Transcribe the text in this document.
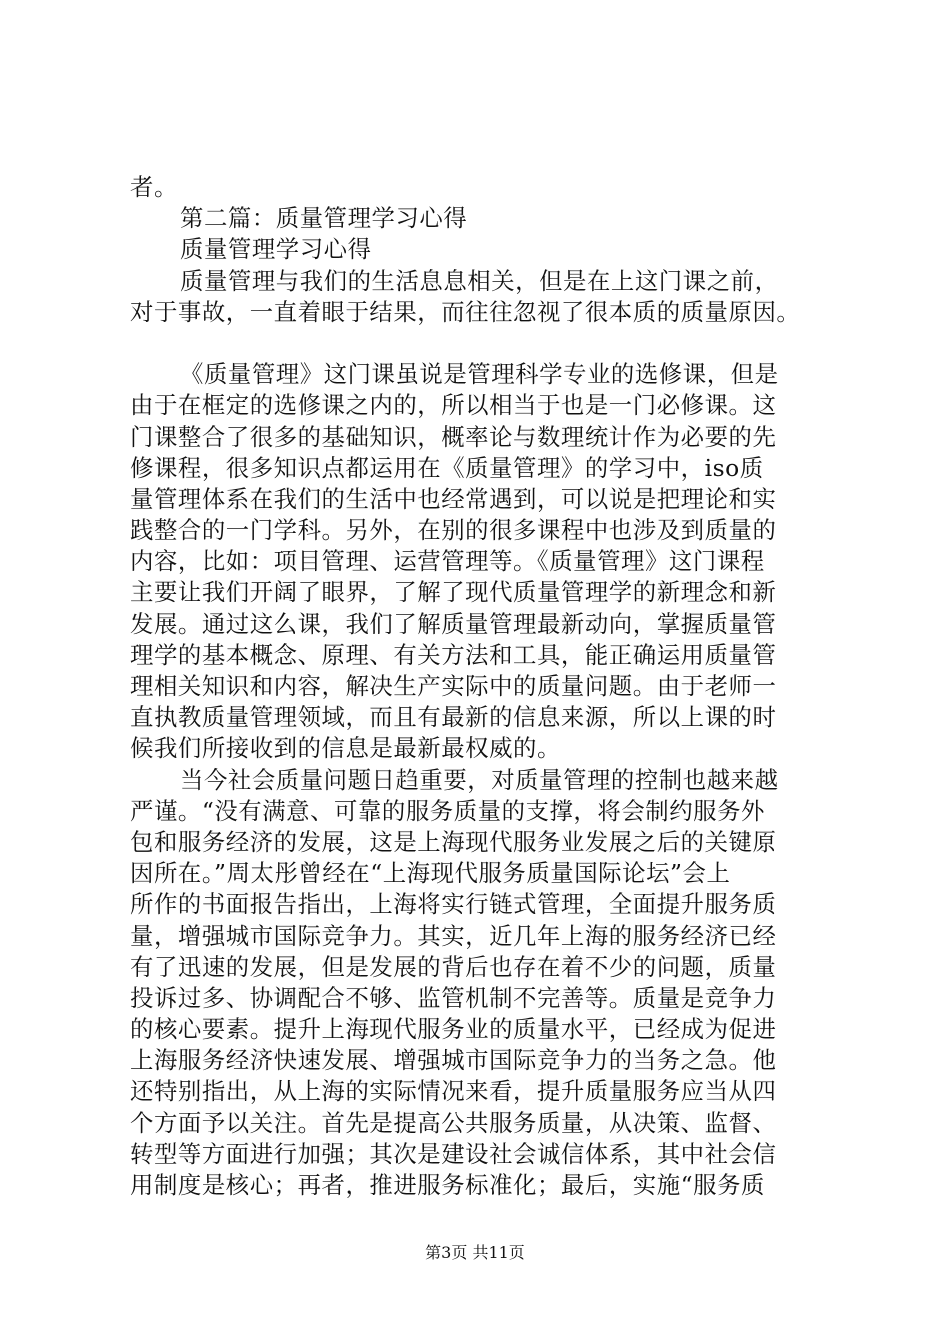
者。
第二篇：质量管理学习心得
质量管理学习心得
质量管理与我们的生活息息相关，但是在上这门课之前，
对于事故，一直着眼于结果，而往往忽视了很本质的质量原因。
《质量管理》这门课虽说是管理科学专业的选修课，但是
由于在框定的选修课之内的，所以相当于也是一门必修课。这
门课整合了很多的基础知识，概率论与数理统计作为必要的先
修课程，很多知识点都运用在《质量管理》的学习中，iso质
量管理体系在我们的生活中也经常遇到，可以说是把理论和实
践整合的一门学科。另外，在别的很多课程中也涉及到质量的
内容，比如：项目管理、运营管理等。《质量管理》这门课程
主要让我们开阔了眼界，了解了现代质量管理学的新理念和新
发展。通过这么课，我们了解质量管理最新动向，掌握质量管
理学的基本概念、原理、有关方法和工具，能正确运用质量管
理相关知识和内容，解决生产实际中的质量问题。由于老师一
直执教质量管理领域，而且有最新的信息来源，所以上课的时
候我们所接收到的信息是最新最权威的。
当今社会质量问题日趋重要，对质量管理的控制也越来越
严谨。“没有满意、可靠的服务质量的支撑，将会制约服务外
包和服务经济的发展，这是上海现代服务业发展之后的关键原
因所在。”周太彤曾经在“上海现代服务质量国际论坛”会上
所作的书面报告指出，上海将实行链式管理，全面提升服务质
量，增强城市国际竞争力。其实，近几年上海的服务经济已经
有了迅速的发展，但是发展的背后也存在着不少的问题，质量
投诉过多、协调配合不够、监管机制不完善等。质量是竞争力
的核心要素。提升上海现代服务业的质量水平，已经成为促进
上海服务经济快速发展、增强城市国际竞争力的当务之急。他
还特别指出，从上海的实际情况来看，提升质量服务应当从四
个方面予以关注。首先是提高公共服务质量，从决策、监督、
转型等方面进行加强；其次是建设社会诚信体系，其中社会信
用制度是核心；再者，推进服务标准化；最后，实施“服务质
第3页 共11页
